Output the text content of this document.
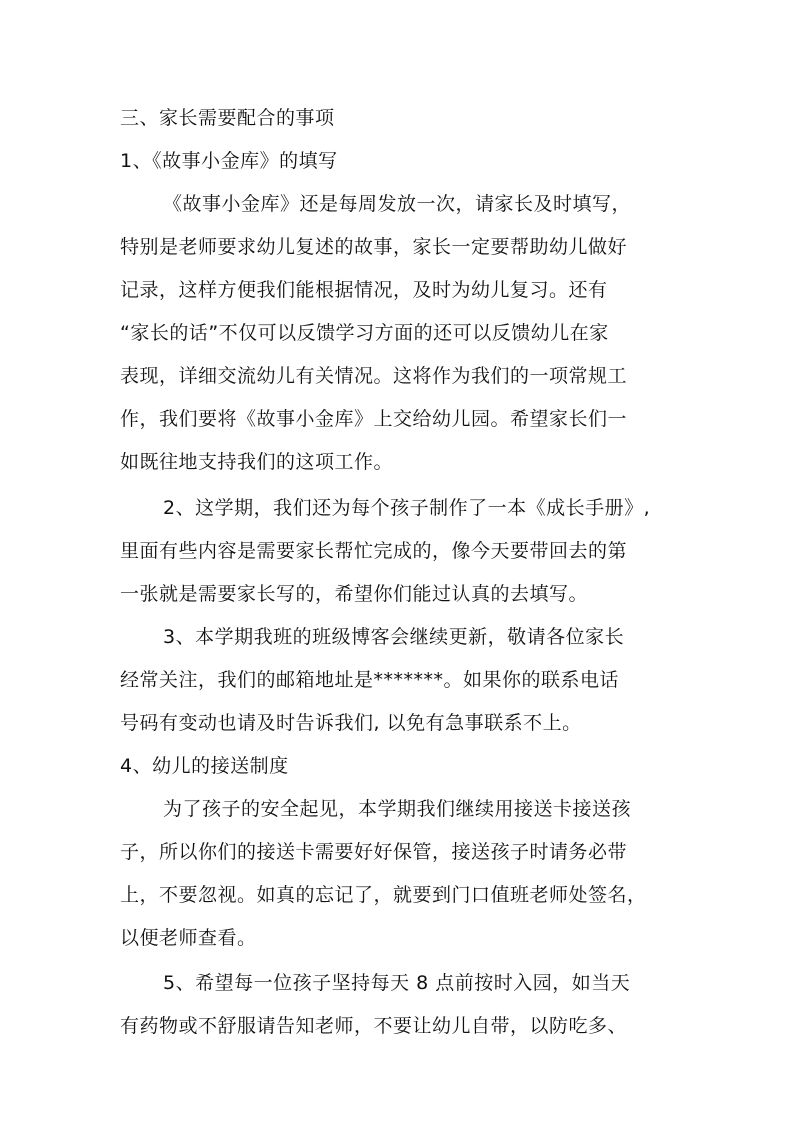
三、家长需要配合的事项
1、《故事小金库》的填写
《故事小金库》还是每周发放一次，请家长及时填写，
特别是老师要求幼儿复述的故事，家长一定要帮助幼儿做好
记录，这样方便我们能根据情况，及时为幼儿复习。还有
“家长的话”不仅可以反馈学习方面的还可以反馈幼儿在家
表现，详细交流幼儿有关情况。这将作为我们的一项常规工
作，我们要将《故事小金库》上交给幼儿园。希望家长们一
如既往地支持我们的这项工作。
2、这学期，我们还为每个孩子制作了一本《成长手册》,
里面有些内容是需要家长帮忙完成的，像今天要带回去的第
一张就是需要家长写的，希望你们能过认真的去填写。
3、本学期我班的班级博客会继续更新，敬请各位家长
经常关注，我们的邮箱地址是*******。如果你的联系电话
号码有变动也请及时告诉我们, 以免有急事联系不上。
4、幼儿的接送制度
为了孩子的安全起见，本学期我们继续用接送卡接送孩
子，所以你们的接送卡需要好好保管，接送孩子时请务必带
上，不要忽视。如真的忘记了，就要到门口值班老师处签名，
以便老师查看。
5、希望每一位孩子坚持每天 8 点前按时入园，如当天
有药物或不舒服请告知老师，不要让幼儿自带，以防吃多、
